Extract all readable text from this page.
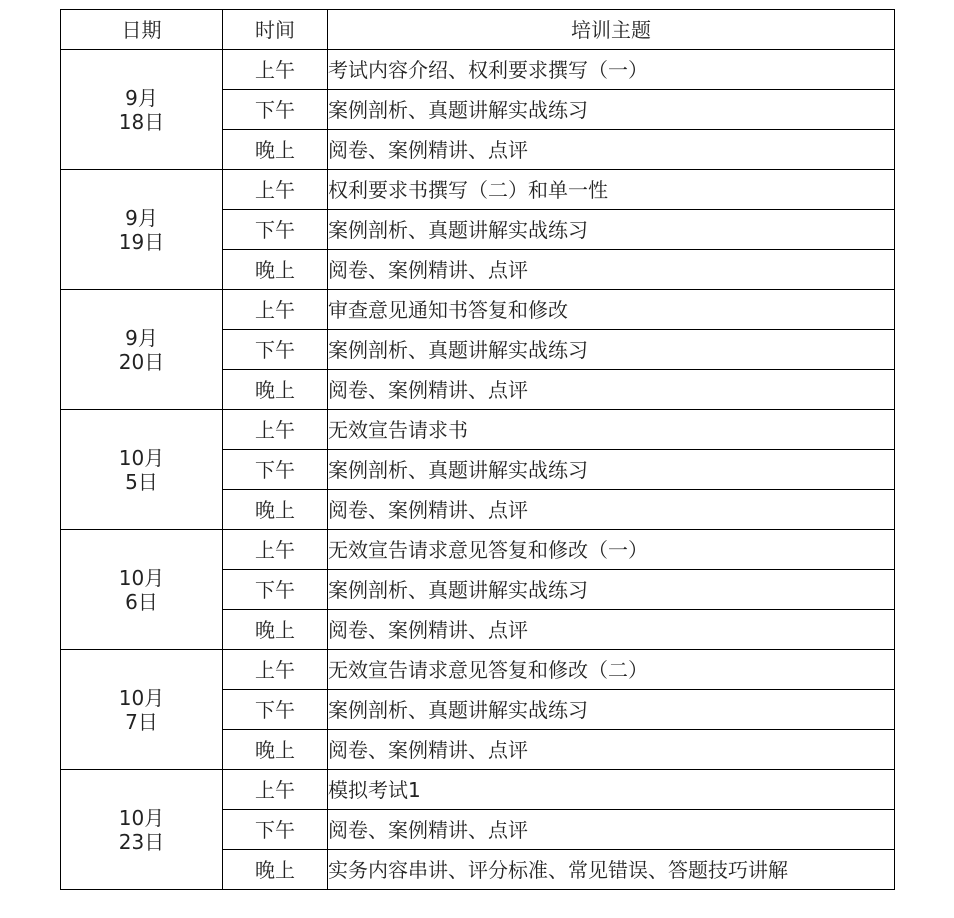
日期	时间	培训主题

9月
18日	上午	考试内容介绍、权利要求撰写（一）
	下午	案例剖析、真题讲解实战练习
	晚上	阅卷、案例精讲、点评

9月
19日	上午	权利要求书撰写（二）和单一性
	下午	案例剖析、真题讲解实战练习
	晚上	阅卷、案例精讲、点评

9月
20日	上午	审查意见通知书答复和修改
	下午	案例剖析、真题讲解实战练习
	晚上	阅卷、案例精讲、点评

10月
5日	上午	无效宣告请求书
	下午	案例剖析、真题讲解实战练习
	晚上	阅卷、案例精讲、点评

10月
6日	上午	无效宣告请求意见答复和修改（一）
	下午	案例剖析、真题讲解实战练习
	晚上	阅卷、案例精讲、点评

10月
7日	上午	无效宣告请求意见答复和修改（二）
	下午	案例剖析、真题讲解实战练习
	晚上	阅卷、案例精讲、点评

10月
23日	上午	模拟考试1
	下午	阅卷、案例精讲、点评
	晚上	实务内容串讲、评分标准、常见错误、答题技巧讲解
